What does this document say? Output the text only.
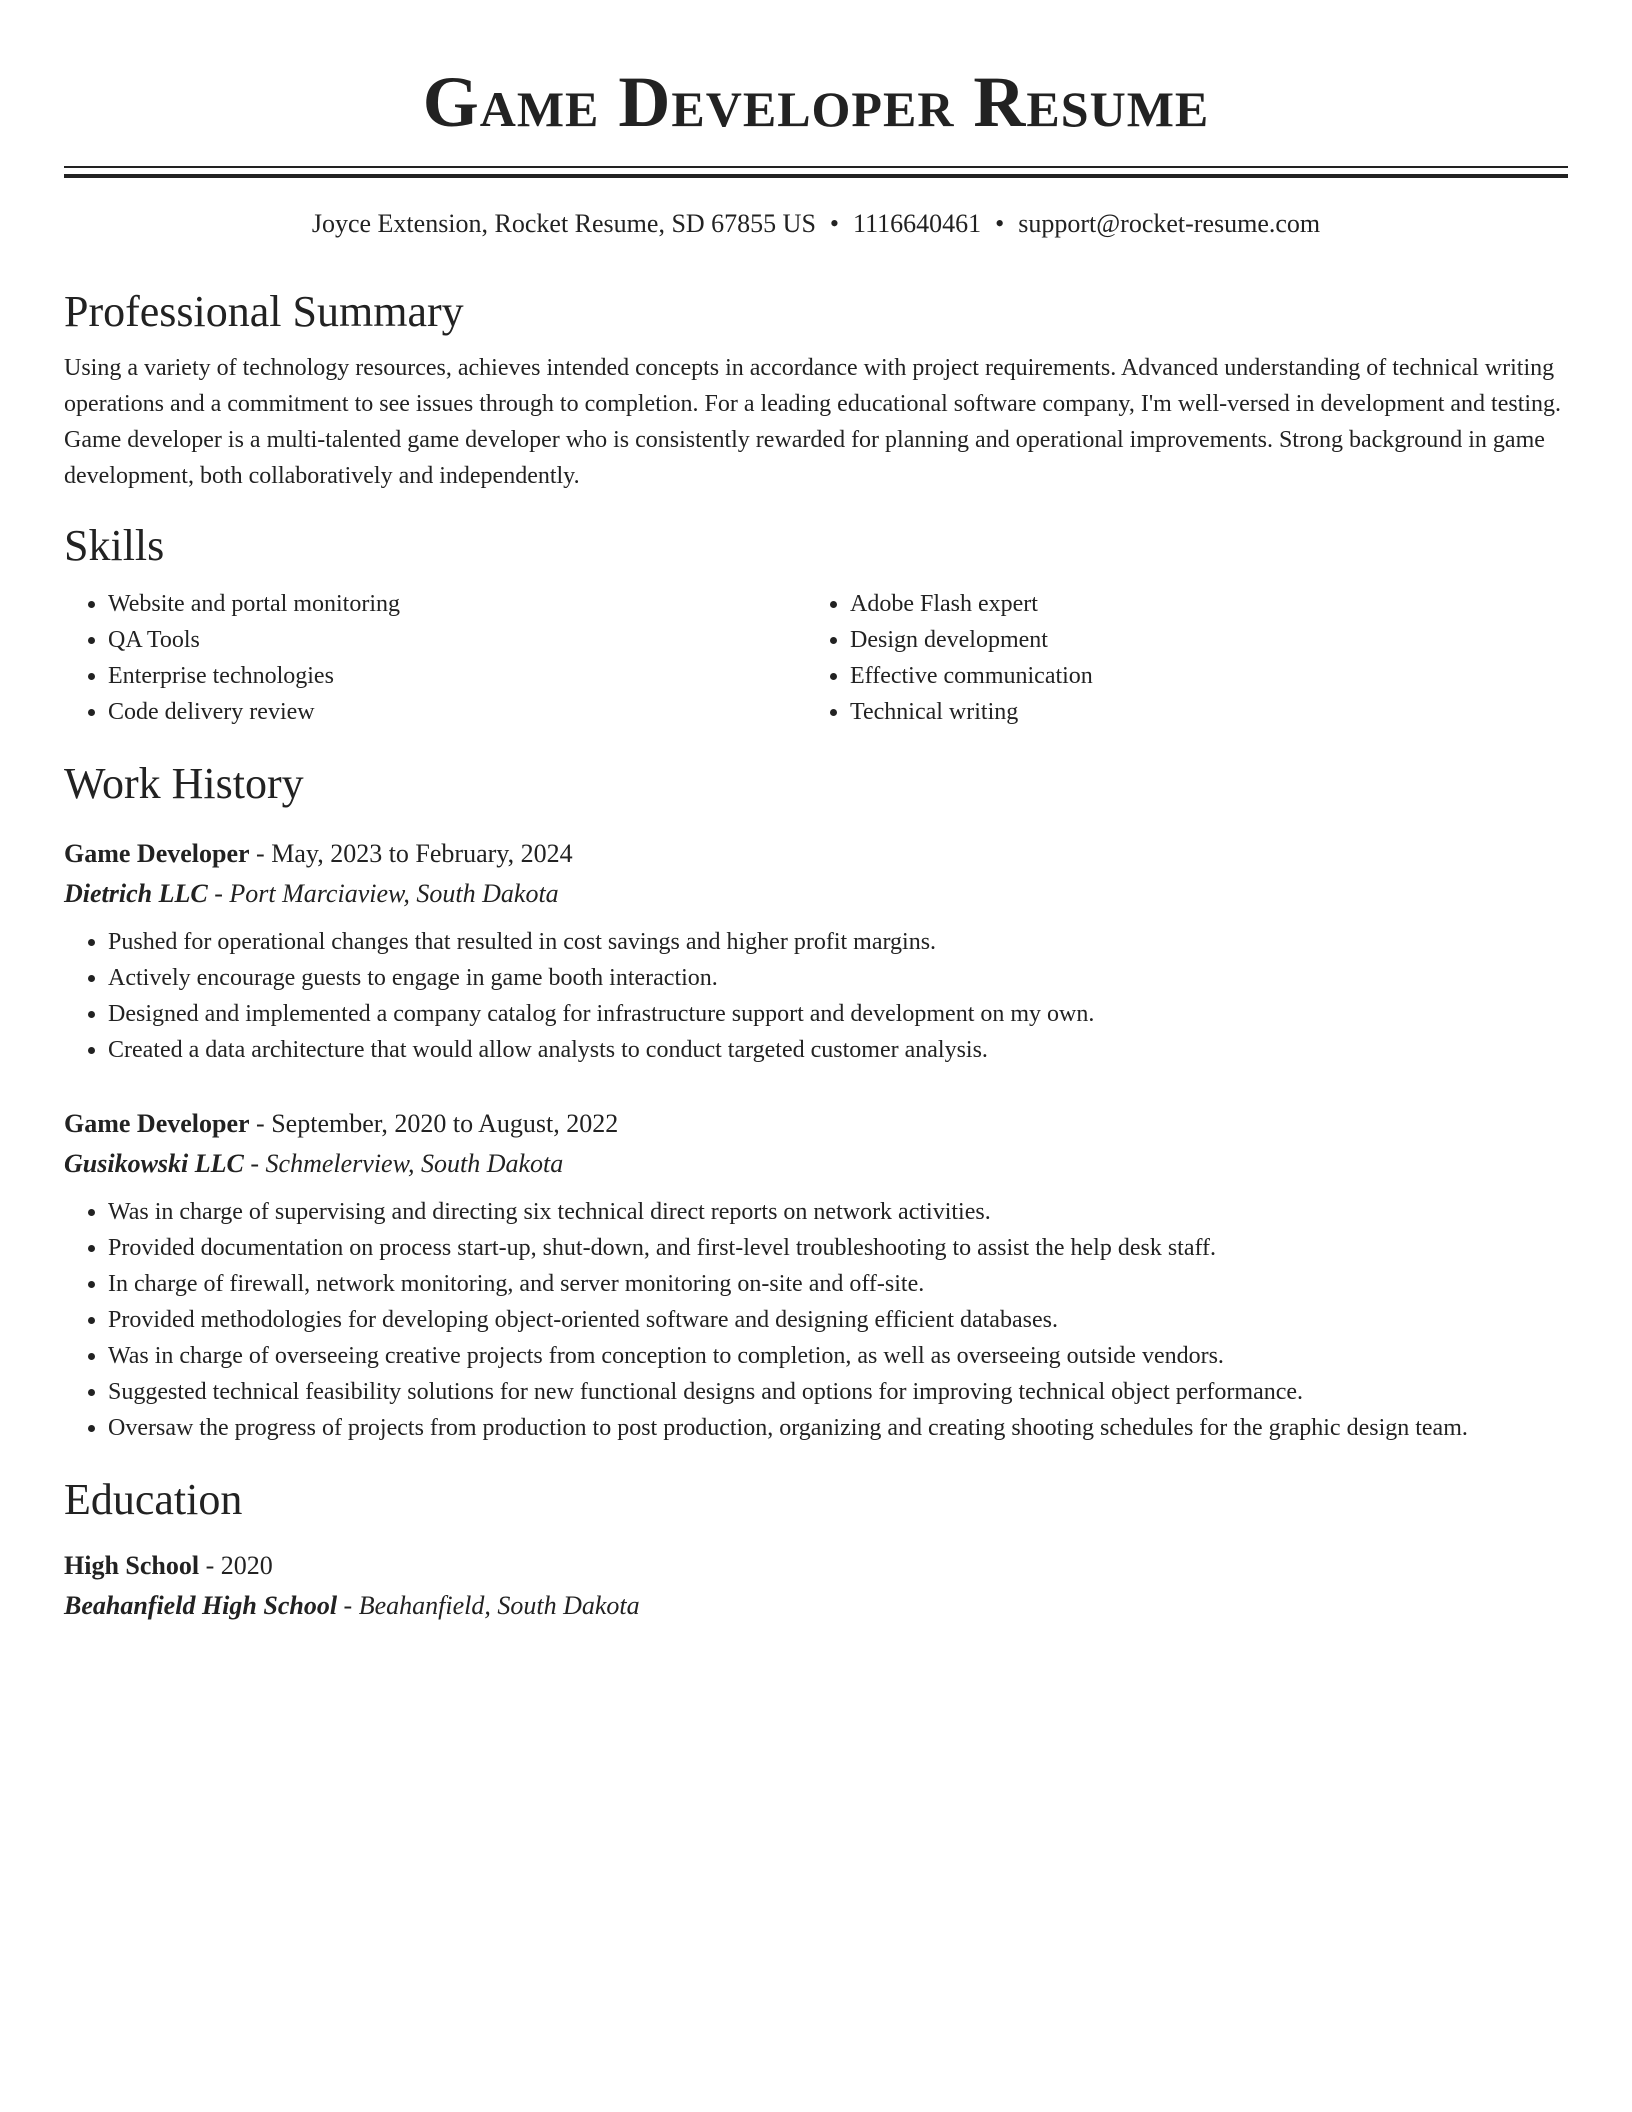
Game Developer Resume
Joyce Extension, Rocket Resume, SD 67855 US • 1116640461 • support@rocket-resume.com
Professional Summary

Using a variety of technology resources, achieves intended concepts in accordance with project requirements. Advanced understanding of technical writing operations and a commitment to see issues through to completion. For a leading educational software company, I'm well-versed in development and testing. Game developer is a multi-talented game developer who is consistently rewarded for planning and operational improvements. Strong background in game development, both collaboratively and independently.

Skills
• Website and portal monitoring
• QA Tools
• Enterprise technologies
• Code delivery review
• Adobe Flash expert
• Design development
• Effective communication
• Technical writing
Work History
Game Developer - May, 2023 to February, 2024
Dietrich LLC - Port Marciaview, South Dakota
• Pushed for operational changes that resulted in cost savings and higher profit margins.
• Actively encourage guests to engage in game booth interaction.
• Designed and implemented a company catalog for infrastructure support and development on my own.
• Created a data architecture that would allow analysts to conduct targeted customer analysis.
Game Developer - September, 2020 to August, 2022
Gusikowski LLC - Schmelerview, South Dakota
• Was in charge of supervising and directing six technical direct reports on network activities.
• Provided documentation on process start-up, shut-down, and first-level troubleshooting to assist the help desk staff.
• In charge of firewall, network monitoring, and server monitoring on-site and off-site.
• Provided methodologies for developing object-oriented software and designing efficient databases.
• Was in charge of overseeing creative projects from conception to completion, as well as overseeing outside vendors.
• Suggested technical feasibility solutions for new functional designs and options for improving technical object performance.
• Oversaw the progress of projects from production to post production, organizing and creating shooting schedules for the graphic design team.
Education
High School - 2020
Beahanfield High School - Beahanfield, South Dakota
